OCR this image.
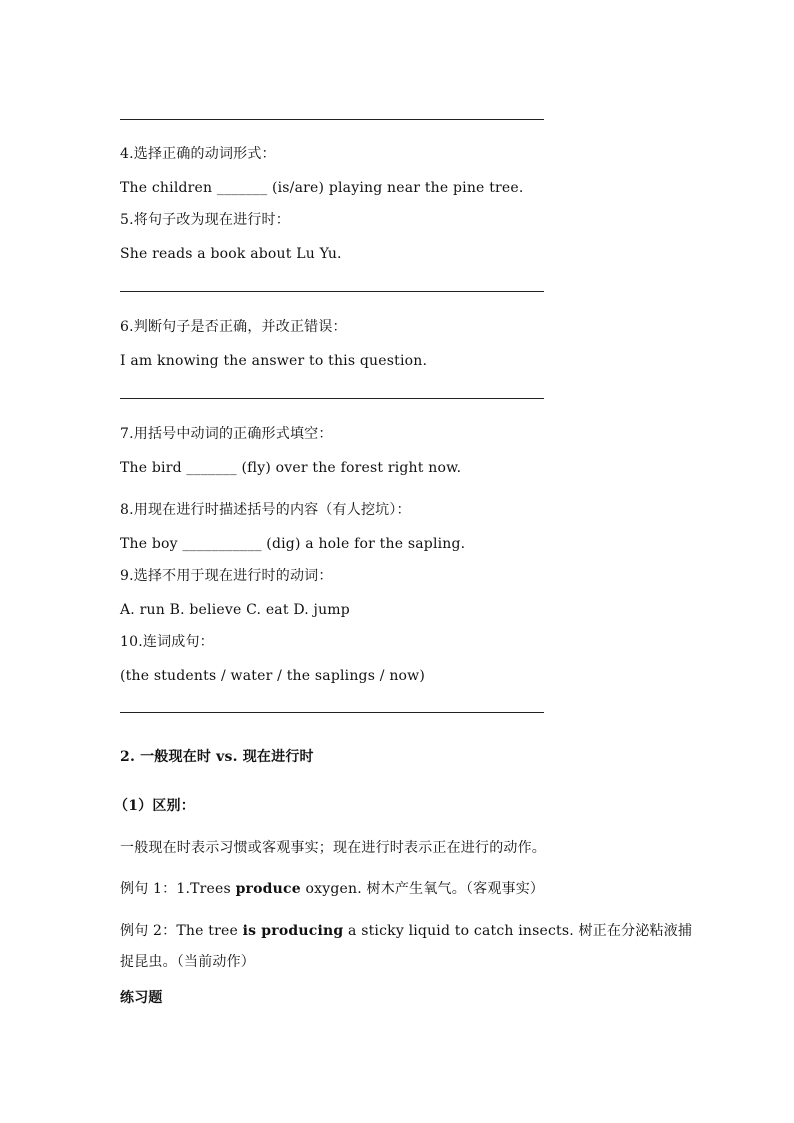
4.选择正确的动词形式：
The children _______ (is/are) playing near the pine tree.
5.将句子改为现在进行时：
She reads a book about Lu Yu.
6.判断句子是否正确，并改正错误：
I am knowing the answer to this question.
7.用括号中动词的正确形式填空：
The bird _______ (fly) over the forest right now.
8.用现在进行时描述括号的内容（有人挖坑）：
The boy ___________ (dig) a hole for the sapling.
9.选择不用于现在进行时的动词：
A. run B. believe C. eat D. jump
10.连词成句：
(the students / water / the saplings / now)
2. 一般现在时 vs. 现在进行时
（1）区别：
一般现在时表示习惯或客观事实；现在进行时表示正在进行的动作。
例句 1：1.Trees produce oxygen. 树木产生氧气。（客观事实）
例句 2：The tree is producing a sticky liquid to catch insects. 树正在分泌粘液捕
捉昆虫。（当前动作）
练习题
